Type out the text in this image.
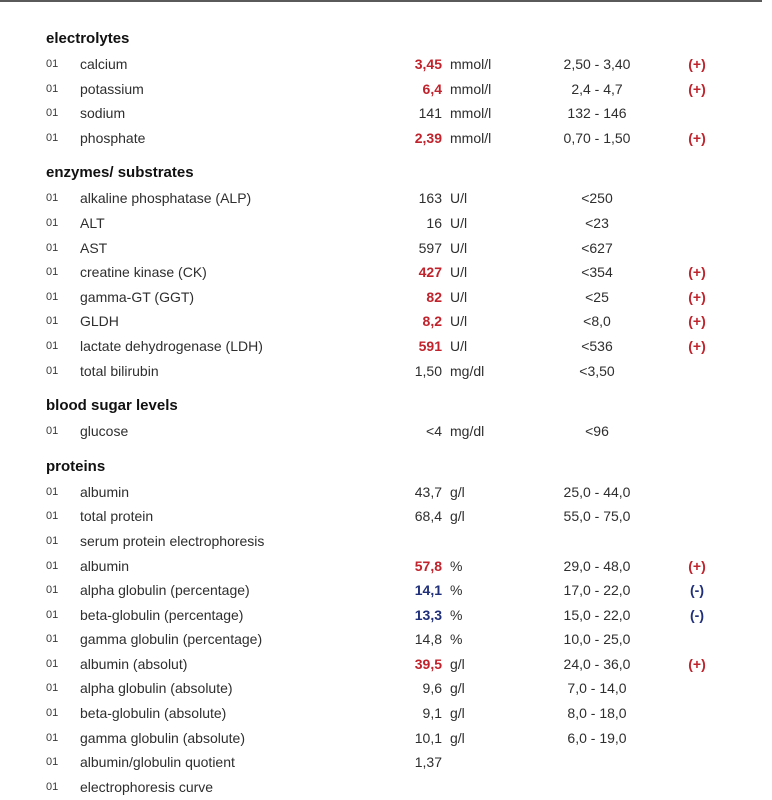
electrolytes
01	calcium	3,45 mmol/l	2,50 - 3,40	(+)
01	potassium	6,4 mmol/l	2,4 - 4,7	(+)
01	sodium	141 mmol/l	132 - 146
01	phosphate	2,39 mmol/l	0,70 - 1,50	(+)
enzymes/ substrates
01	alkaline phosphatase (ALP)	163 U/l	<250
01	ALT	16 U/l	<23
01	AST	597 U/l	<627
01	creatine kinase (CK)	427 U/l	<354	(+)
01	gamma-GT (GGT)	82 U/l	<25	(+)
01	GLDH	8,2 U/l	<8,0	(+)
01	lactate dehydrogenase (LDH)	591 U/l	<536	(+)
01	total bilirubin	1,50 mg/dl	<3,50
blood sugar levels
01	glucose	<4 mg/dl	<96
proteins
01	albumin	43,7 g/l	25,0 - 44,0
01	total protein	68,4 g/l	55,0 - 75,0
01	serum protein electrophoresis
01	albumin	57,8 %	29,0 - 48,0	(+)
01	alpha globulin (percentage)	14,1 %	17,0 - 22,0	(-)
01	beta-globulin (percentage)	13,3 %	15,0 - 22,0	(-)
01	gamma globulin (percentage)	14,8 %	10,0 - 25,0
01	albumin (absolut)	39,5 g/l	24,0 - 36,0	(+)
01	alpha globulin (absolute)	9,6 g/l	7,0 - 14,0
01	beta-globulin (absolute)	9,1 g/l	8,0 - 18,0
01	gamma globulin (absolute)	10,1 g/l	6,0 - 19,0
01	albumin/globulin quotient	1,37
01	electrophoresis curve
